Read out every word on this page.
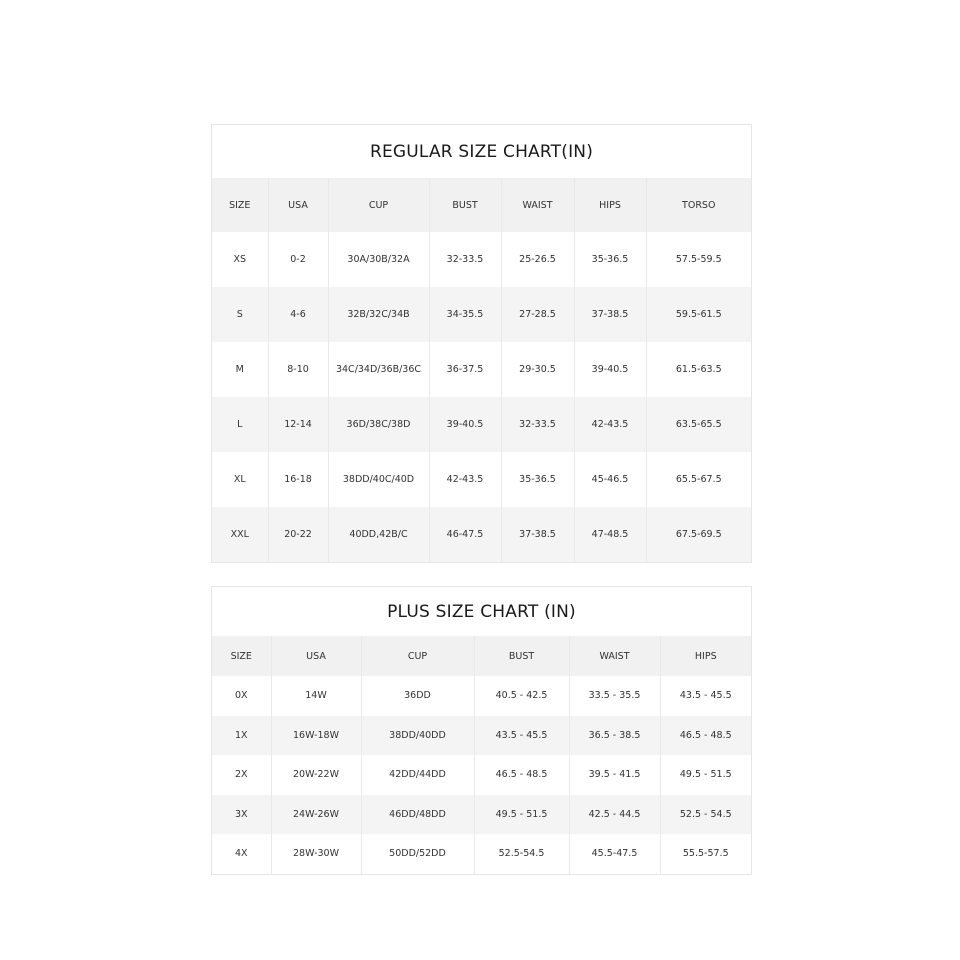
REGULAR SIZE CHART(IN)
SIZE	USA	CUP	BUST	WAIST	HIPS	TORSO
XS	0-2	30A/30B/32A	32-33.5	25-26.5	35-36.5	57.5-59.5
S	4-6	32B/32C/34B	34-35.5	27-28.5	37-38.5	59.5-61.5
M	8-10	34C/34D/36B/36C	36-37.5	29-30.5	39-40.5	61.5-63.5
L	12-14	36D/38C/38D	39-40.5	32-33.5	42-43.5	63.5-65.5
XL	16-18	38DD/40C/40D	42-43.5	35-36.5	45-46.5	65.5-67.5
XXL	20-22	40DD,42B/C	46-47.5	37-38.5	47-48.5	67.5-69.5
PLUS SIZE CHART (IN)
SIZE	USA	CUP	BUST	WAIST	HIPS
0X	14W	36DD	40.5 - 42.5	33.5 - 35.5	43.5 - 45.5
1X	16W-18W	38DD/40DD	43.5 - 45.5	36.5 - 38.5	46.5 - 48.5
2X	20W-22W	42DD/44DD	46.5 - 48.5	39.5 - 41.5	49.5 - 51.5
3X	24W-26W	46DD/48DD	49.5 - 51.5	42.5 - 44.5	52.5 - 54.5
4X	28W-30W	50DD/52DD	52.5-54.5	45.5-47.5	55.5-57.5
